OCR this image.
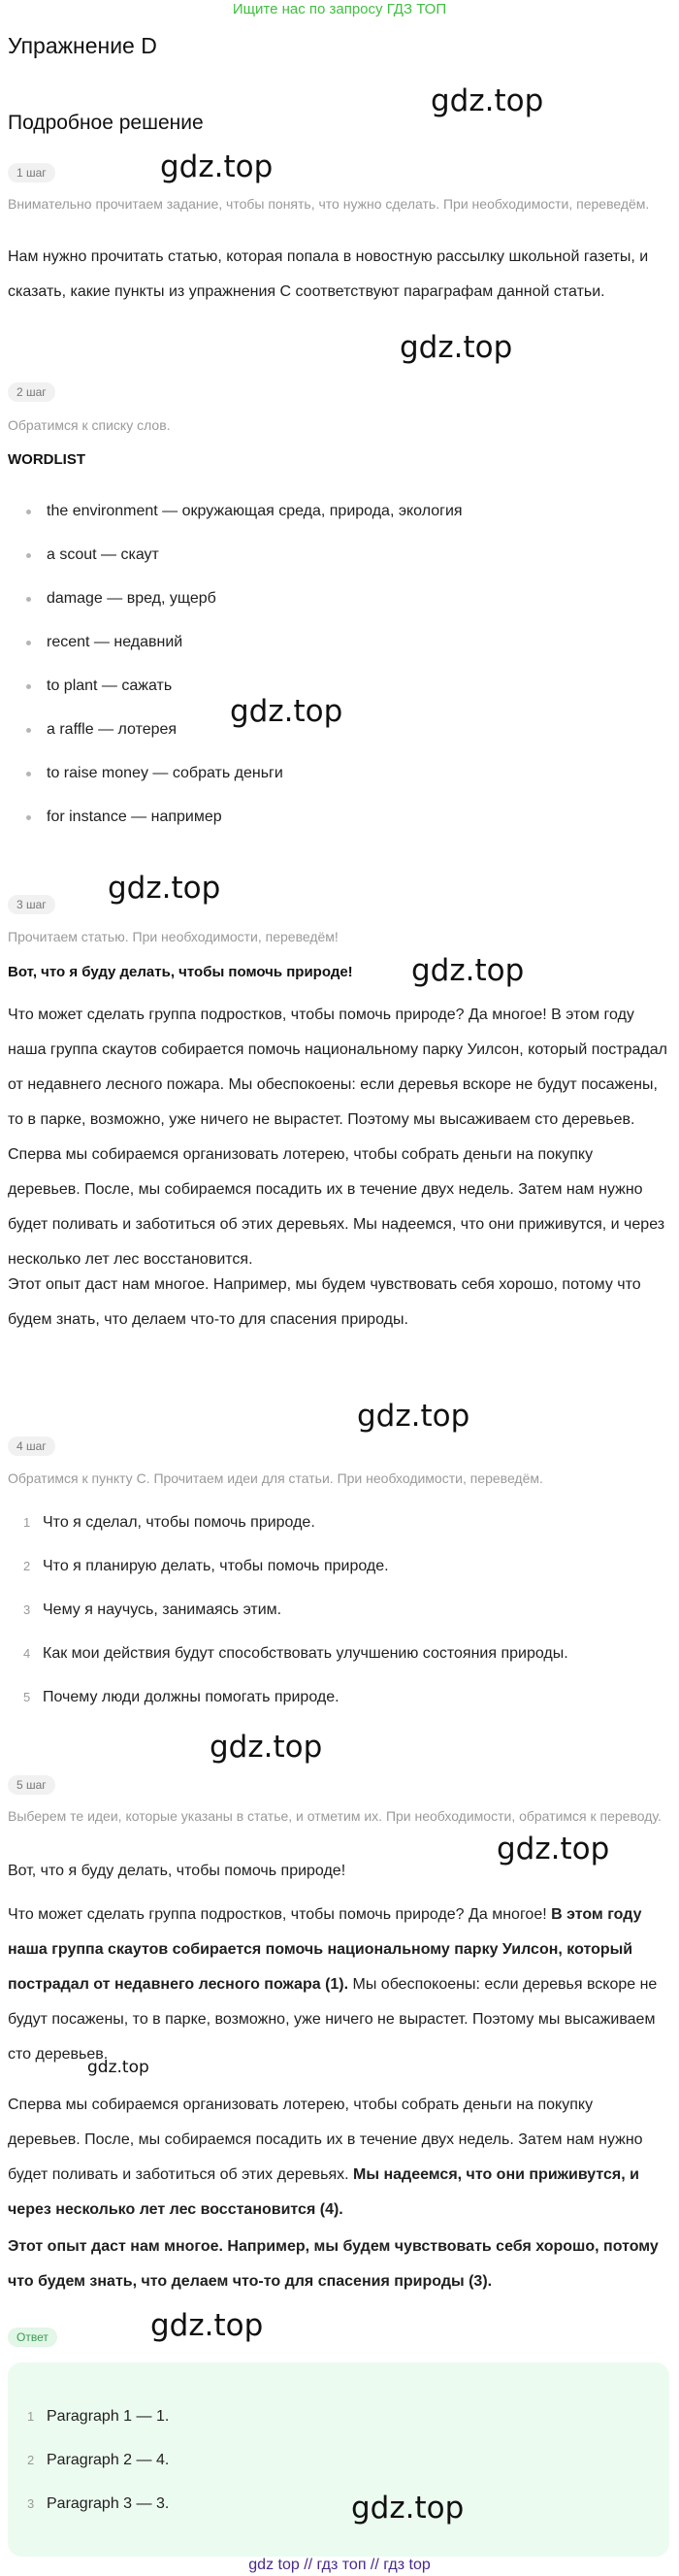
Ищите нас по запросу ГДЗ ТОП
Упражнение D
Подробное решение
1 шаг
Внимательно прочитаем задание, чтобы понять, что нужно сделать. При необходимости, переведём.
Нам нужно прочитать статью, которая попала в новостную рассылку школьной газеты, и сказать, какие пункты из упражнения С соответствуют параграфам данной статьи.
2 шаг
Обратимся к списку слов.
WORDLIST
the environment — окружающая среда, природа, экология
a scout — скаут
damage — вред, ущерб
recent — недавний
to plant — сажать
a raffle — лотерея
to raise money — собрать деньги
for instance — например
3 шаг
Прочитаем статью. При необходимости, переведём!
Вот, что я буду делать, чтобы помочь природе!
Что может сделать группа подростков, чтобы помочь природе? Да многое! В этом году наша группа скаутов собирается помочь национальному парку Уилсон, который пострадал от недавнего лесного пожара. Мы обеспокоены: если деревья вскоре не будут посажены, то в парке, возможно, уже ничего не вырастет. Поэтому мы высаживаем сто деревьев.
Сперва мы собираемся организовать лотерею, чтобы собрать деньги на покупку деревьев. После, мы собираемся посадить их в течение двух недель. Затем нам нужно будет поливать и заботиться об этих деревьях. Мы надеемся, что они приживутся, и через несколько лет лес восстановится.
Этот опыт даст нам многое. Например, мы будем чувствовать себя хорошо, потому что будем знать, что делаем что-то для спасения природы.
4 шаг
Обратимся к пункту С. Прочитаем идеи для статьи. При необходимости, переведём.
1 Что я сделал, чтобы помочь природе.
2 Что я планирую делать, чтобы помочь природе.
3 Чему я научусь, занимаясь этим.
4 Как мои действия будут способствовать улучшению состояния природы.
5 Почему люди должны помогать природе.
5 шаг
Выберем те идеи, которые указаны в статье, и отметим их. При необходимости, обратимся к переводу.
Вот, что я буду делать, чтобы помочь природе!
Что может сделать группа подростков, чтобы помочь природе? Да многое! В этом году наша группа скаутов собирается помочь национальному парку Уилсон, который пострадал от недавнего лесного пожара (1). Мы обеспокоены: если деревья вскоре не будут посажены, то в парке, возможно, уже ничего не вырастет. Поэтому мы высаживаем сто деревьев.
Сперва мы собираемся организовать лотерею, чтобы собрать деньги на покупку деревьев. После, мы собираемся посадить их в течение двух недель. Затем нам нужно будет поливать и заботиться об этих деревьях. Мы надеемся, что они приживутся, и через несколько лет лес восстановится (4).
Этот опыт даст нам многое. Например, мы будем чувствовать себя хорошо, потому что будем знать, что делаем что-то для спасения природы (3).
Ответ
1 Paragraph 1 — 1.
2 Paragraph 2 — 4.
3 Paragraph 3 — 3.
gdz.top
gdz.top
gdz.top
gdz.top
gdz.top
gdz.top
gdz.top
gdz.top
gdz.top
gdz.top
gdz.top
gdz.top
gdz top // гдз топ // гдз top
